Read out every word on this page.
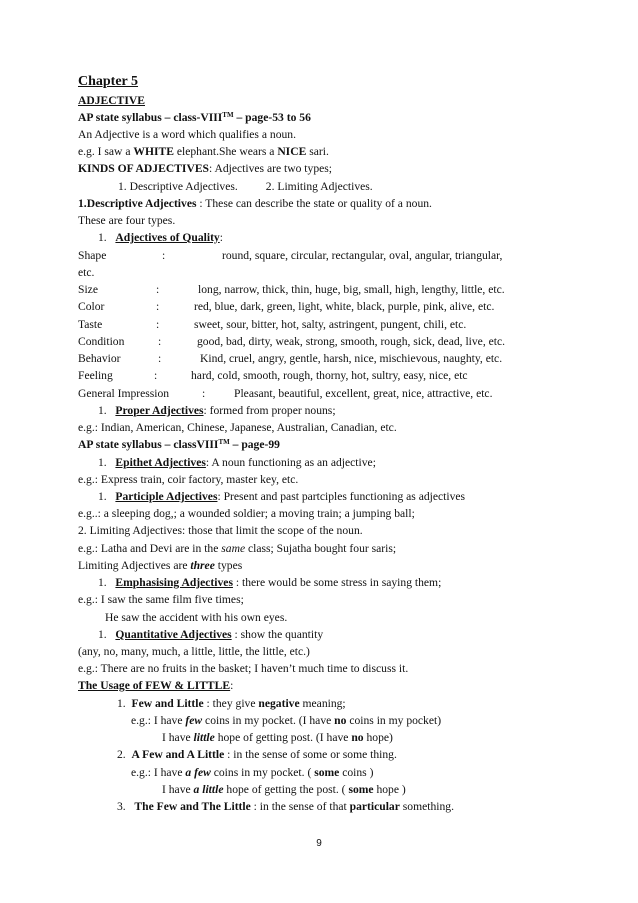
Chapter 5
ADJECTIVE
AP state syllabus – class-VIII™ – page-53 to 56
An Adjective is a word which qualifies a noun.
e.g. I saw a WHITE elephant.She wears a NICE sari.
KINDS OF ADJECTIVES: Adjectives are two types;
1. Descriptive Adjectives. 2. Limiting Adjectives.
1.Descriptive Adjectives : These can describe the state or quality of a noun.
These are four types.
1. Adjectives of Quality:
Shape	:	round, square, circular, rectangular, oval, angular, triangular,
etc.
Size	:	long, narrow, thick, thin, huge, big, small, high, lengthy, little, etc.
Color	:	red, blue, dark, green, light, white, black, purple, pink, alive, etc.
Taste	:	sweet, sour, bitter, hot, salty, astringent, pungent, chili, etc.
Condition	:	good, bad, dirty, weak, strong, smooth, rough, sick, dead, live, etc.
Behavior	:	Kind, cruel, angry, gentle, harsh, nice, mischievous, naughty, etc.
Feeling	:	hard, cold, smooth, rough, thorny, hot, sultry, easy, nice, etc
General Impression	: Pleasant, beautiful, excellent, great, nice, attractive, etc.
1. Proper Adjectives: formed from proper nouns;
e.g.: Indian, American, Chinese, Japanese, Australian, Canadian, etc.
AP state syllabus – classVIII™ – page-99
1. Epithet Adjectives: A noun functioning as an adjective;
e.g.: Express train, coir factory, master key, etc.
1. Participle Adjectives: Present and past partciples functioning as adjectives
e.g..: a sleeping dog,; a wounded soldier; a moving train; a jumping ball;
2. Limiting Adjectives: those that limit the scope of the noun.
e.g.: Latha and Devi are in the same class; Sujatha bought four saris;
Limiting Adjectives are three types
1. Emphasising Adjectives : there would be some stress in saying them;
e.g.: I saw the same film five times;
He saw the accident with his own eyes.
1. Quantitative Adjectives : show the quantity
(any, no, many, much, a little, little, the little, etc.)
e.g.: There are no fruits in the basket; I haven’t much time to discuss it.
The Usage of FEW & LITTLE:
1. Few and Little : they give negative meaning;
e.g.: I have few coins in my pocket. (I have no coins in my pocket)
I have little hope of getting post. (I have no hope)
2. A Few and A Little : in the sense of some or some thing.
e.g.: I have a few coins in my pocket. ( some coins )
I have a little hope of getting the post. ( some hope )
3. The Few and The Little : in the sense of that particular something.
9
